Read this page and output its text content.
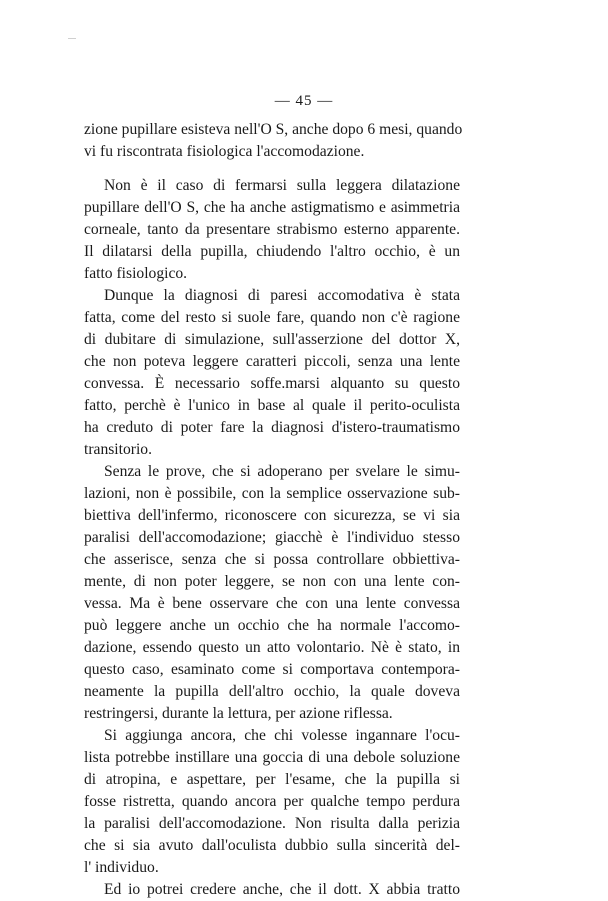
— 45 —
zione pupillare esisteva nell'O S, anche dopo 6 mesi, quando
vi fu riscontrata fisiologica l'accomodazione.
Non è il caso di fermarsi sulla leggera dilatazione
pupillare dell'O S, che ha anche astigmatismo e asimmetria
corneale, tanto da presentare strabismo esterno apparente.
Il dilatarsi della pupilla, chiudendo l'altro occhio, è un
fatto fisiologico.
Dunque la diagnosi di paresi accomodativa è stata
fatta, come del resto si suole fare, quando non c'è ragione
di dubitare di simulazione, sull'asserzione del dottor X,
che non poteva leggere caratteri piccoli, senza una lente
convessa. È necessario soffe.marsi alquanto su questo
fatto, perchè è l'unico in base al quale il perito-oculista
ha creduto di poter fare la diagnosi d'istero-traumatismo
transitorio.
Senza le prove, che si adoperano per svelare le simu-
lazioni, non è possibile, con la semplice osservazione sub-
biettiva dell'infermo, riconoscere con sicurezza, se vi sia
paralisi dell'accomodazione; giacchè è l'individuo stesso
che asserisce, senza che si possa controllare obbiettiva-
mente, di non poter leggere, se non con una lente con-
vessa. Ma è bene osservare che con una lente convessa
può leggere anche un occhio che ha normale l'accomo-
dazione, essendo questo un atto volontario. Nè è stato, in
questo caso, esaminato come si comportava contempora-
neamente la pupilla dell'altro occhio, la quale doveva
restringersi, durante la lettura, per azione riflessa.
Si aggiunga ancora, che chi volesse ingannare l'ocu-
lista potrebbe instillare una goccia di una debole soluzione
di atropina, e aspettare, per l'esame, che la pupilla si
fosse ristretta, quando ancora per qualche tempo perdura
la paralisi dell'accomodazione. Non risulta dalla perizia
che si sia avuto dall'oculista dubbio sulla sincerità del-
l' individuo.
Ed io potrei credere anche, che il dott. X abbia tratto
